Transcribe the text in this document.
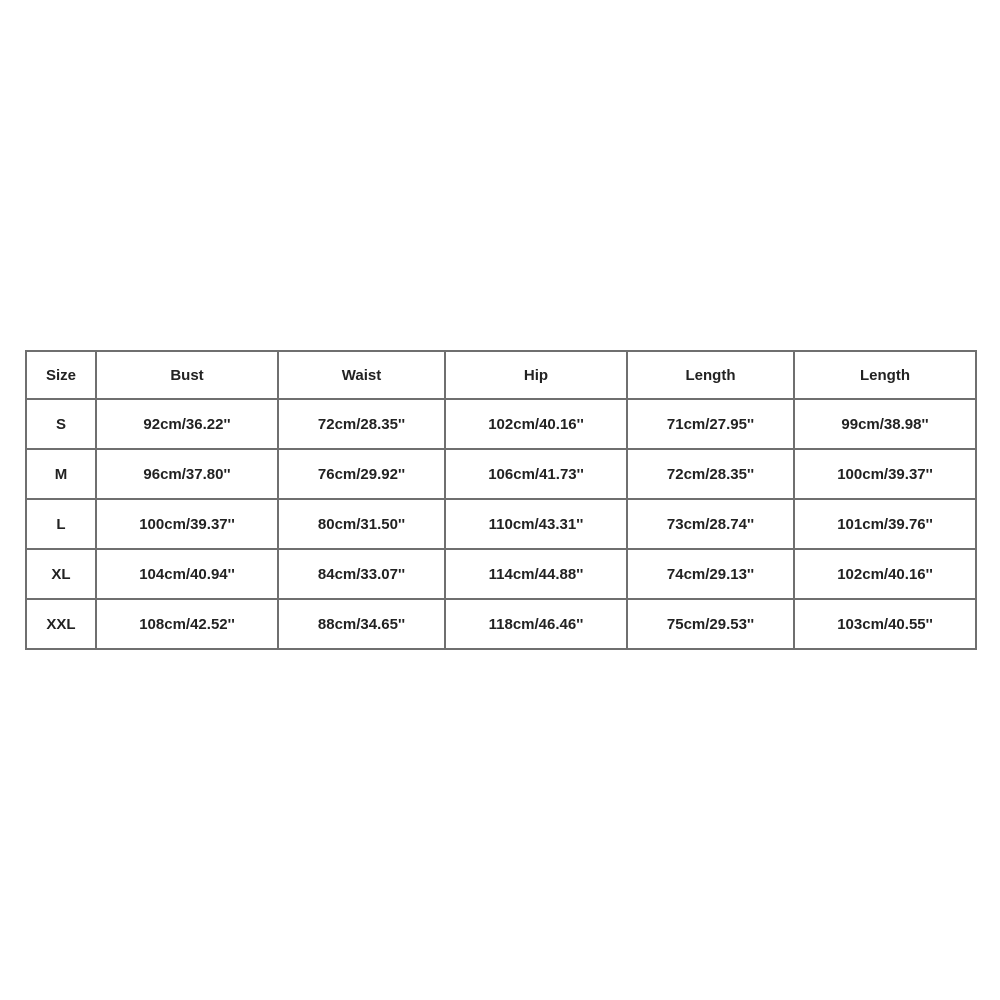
Size	Bust	Waist	Hip	Length	Length
S	92cm/36.22''	72cm/28.35''	102cm/40.16''	71cm/27.95''	99cm/38.98''
M	96cm/37.80''	76cm/29.92''	106cm/41.73''	72cm/28.35''	100cm/39.37''
L	100cm/39.37''	80cm/31.50''	110cm/43.31''	73cm/28.74''	101cm/39.76''
XL	104cm/40.94''	84cm/33.07''	114cm/44.88''	74cm/29.13''	102cm/40.16''
XXL	108cm/42.52''	88cm/34.65''	118cm/46.46''	75cm/29.53''	103cm/40.55''
